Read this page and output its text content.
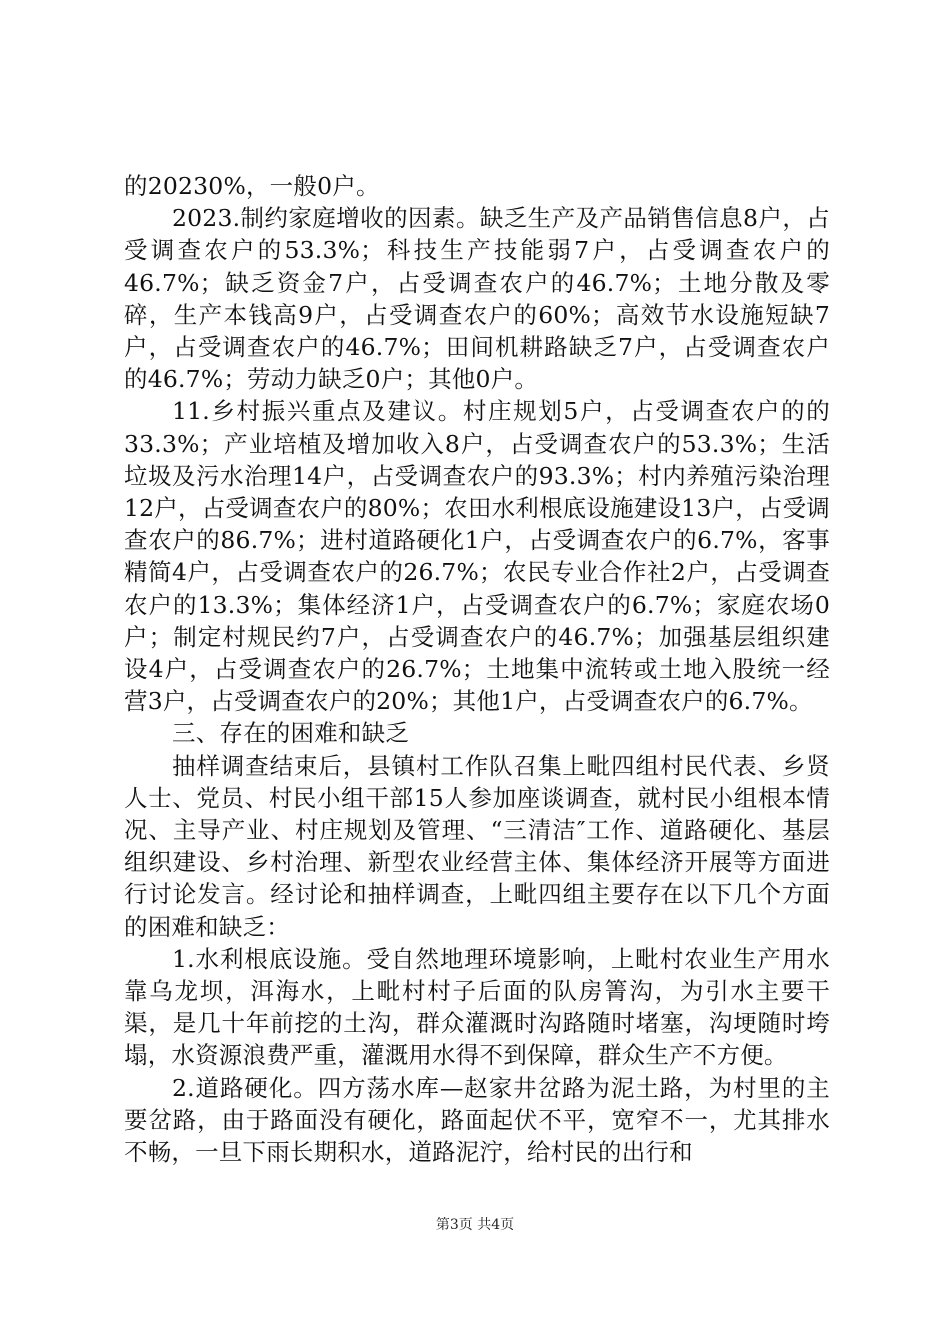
的20230%，一般0户。

2023.制约家庭增收的因素。缺乏生产及产品销售信息8户，占受调查农户的53.3%；科技生产技能弱7户，占受调查农户的46.7%；缺乏资金7户，占受调查农户的46.7%；土地分散及零碎，生产本钱高9户，占受调查农户的60%；高效节水设施短缺7户，占受调查农户的46.7%；田间机耕路缺乏7户，占受调查农户的46.7%；劳动力缺乏0户；其他0户。

11.乡村振兴重点及建议。村庄规划5户，占受调查农户的的33.3%；产业培植及增加收入8户，占受调查农户的53.3%；生活垃圾及污水治理14户，占受调查农户的93.3%；村内养殖污染治理12户，占受调查农户的80%；农田水利根底设施建设13户，占受调查农户的86.7%；进村道路硬化1户，占受调查农户的6.7%，客事精简4户，占受调查农户的26.7%；农民专业合作社2户，占受调查农户的13.3%；集体经济1户，占受调查农户的6.7%；家庭农场0户；制定村规民约7户，占受调查农户的46.7%；加强基层组织建设4户，占受调查农户的26.7%；土地集中流转或土地入股统一经营3户，占受调查农户的20%；其他1户，占受调查农户的6.7%。

三、存在的困难和缺乏

抽样调查结束后，县镇村工作队召集上毗四组村民代表、乡贤人士、党员、村民小组干部15人参加座谈调查，就村民小组根本情况、主导产业、村庄规划及管理、“三清洁″工作、道路硬化、基层组织建设、乡村治理、新型农业经营主体、集体经济开展等方面进行讨论发言。经讨论和抽样调查，上毗四组主要存在以下几个方面的困难和缺乏：

1.水利根底设施。受自然地理环境影响，上毗村农业生产用水靠乌龙坝，洱海水，上毗村村子后面的队房箐沟，为引水主要干渠，是几十年前挖的土沟，群众灌溉时沟路随时堵塞，沟埂随时垮塌，水资源浪费严重，灌溉用水得不到保障，群众生产不方便。

2.道路硬化。四方荡水库—赵家井岔路为泥土路，为村里的主要岔路，由于路面没有硬化，路面起伏不平，宽窄不一，尤其排水不畅，一旦下雨长期积水，道路泥泞，给村民的出行和

第3页 共4页
